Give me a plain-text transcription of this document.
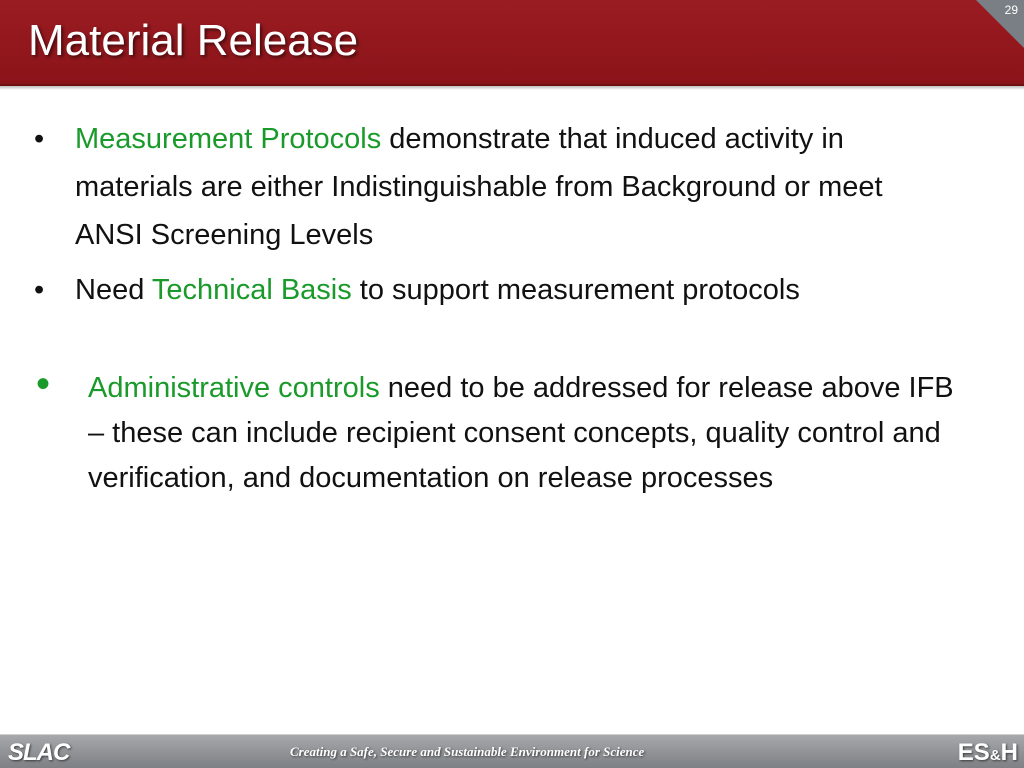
Material Release
29
• Measurement Protocols demonstrate that induced activity in materials are either Indistinguishable from Background or meet ANSI Screening Levels
• Need Technical Basis to support measurement protocols
• Administrative controls need to be addressed for release above IFB – these can include recipient consent concepts, quality control and verification, and documentation on release processes
SLAC	Creating a Safe, Secure and Sustainable Environment for Science	ES&H
